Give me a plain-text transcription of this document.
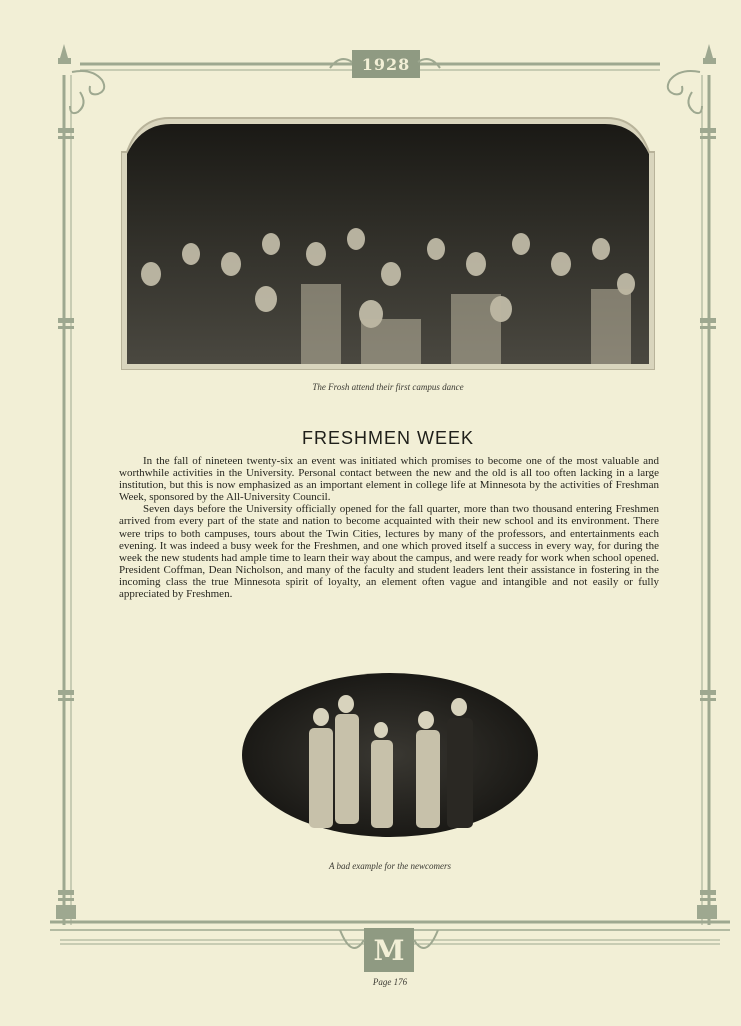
1928
The Frosh attend their first campus dance
FRESHMEN WEEK

In the fall of nineteen twenty-six an event was initiated which promises to become one of the most valuable and worthwhile activities in the University. Personal contact between the new and the old is all too often lacking in a large institution, but this is now emphasized as an important element in college life at Minnesota by the activities of Freshman Week, sponsored by the All-University Council.

Seven days before the University officially opened for the fall quarter, more than two thousand entering Freshmen arrived from every part of the state and nation to become acquainted with their new school and its environment. There were trips to both campuses, tours about the Twin Cities, lectures by many of the professors, and entertainments each evening. It was indeed a busy week for the Freshmen, and one which proved itself a success in every way, for during the week the new students had ample time to learn their way about the campus, and were ready for work when school opened. President Coffman, Dean Nicholson, and many of the faculty and student leaders lent their assistance in fostering in the incoming class the true Minnesota spirit of loyalty, an element often vague and intangible and not easily or fully appreciated by Freshmen.

A bad example for the newcomers
M
Page 176
